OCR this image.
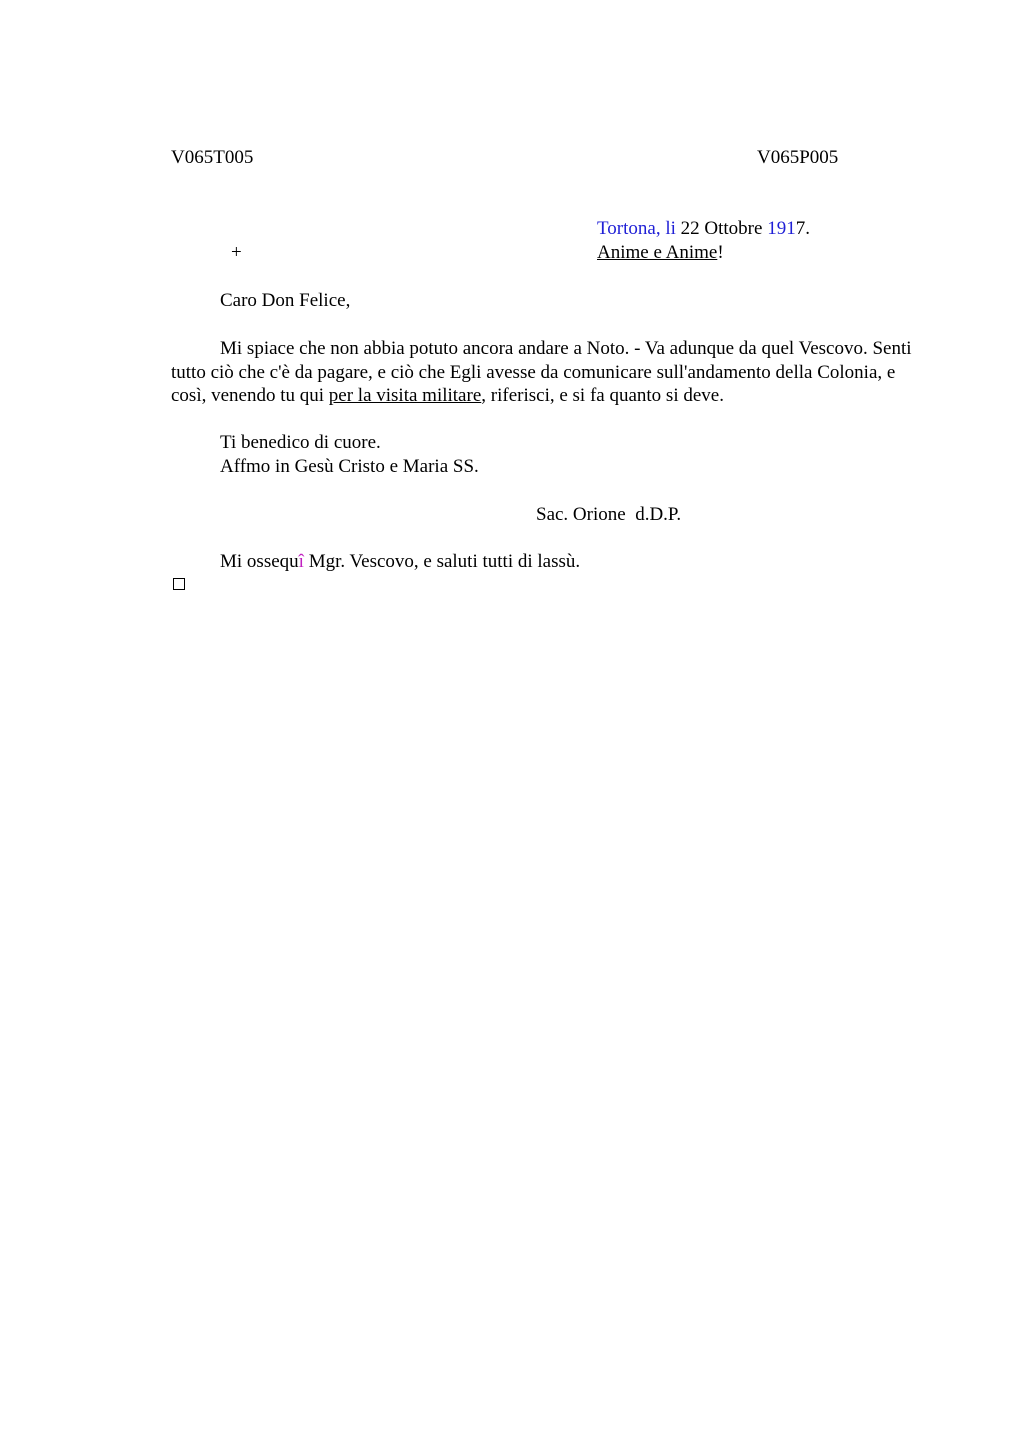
V065T005	V065P005
Tortona, li 22 Ottobre 1917.
+	Anime e Anime!
Caro Don Felice,
Mi spiace che non abbia potuto ancora andare a Noto. - Va adunque da quel Vescovo. Senti tutto ciò che c'è da pagare, e ciò che Egli avesse da comunicare sull'andamento della Colonia, e così, venendo tu qui per la visita militare, riferisci, e si fa quanto si deve.
Ti benedico di cuore.
Affmo in Gesù Cristo e Maria SS.
Sac. Orione  d.D.P.
Mi ossequî Mgr. Vescovo, e saluti tutti di lassù.
